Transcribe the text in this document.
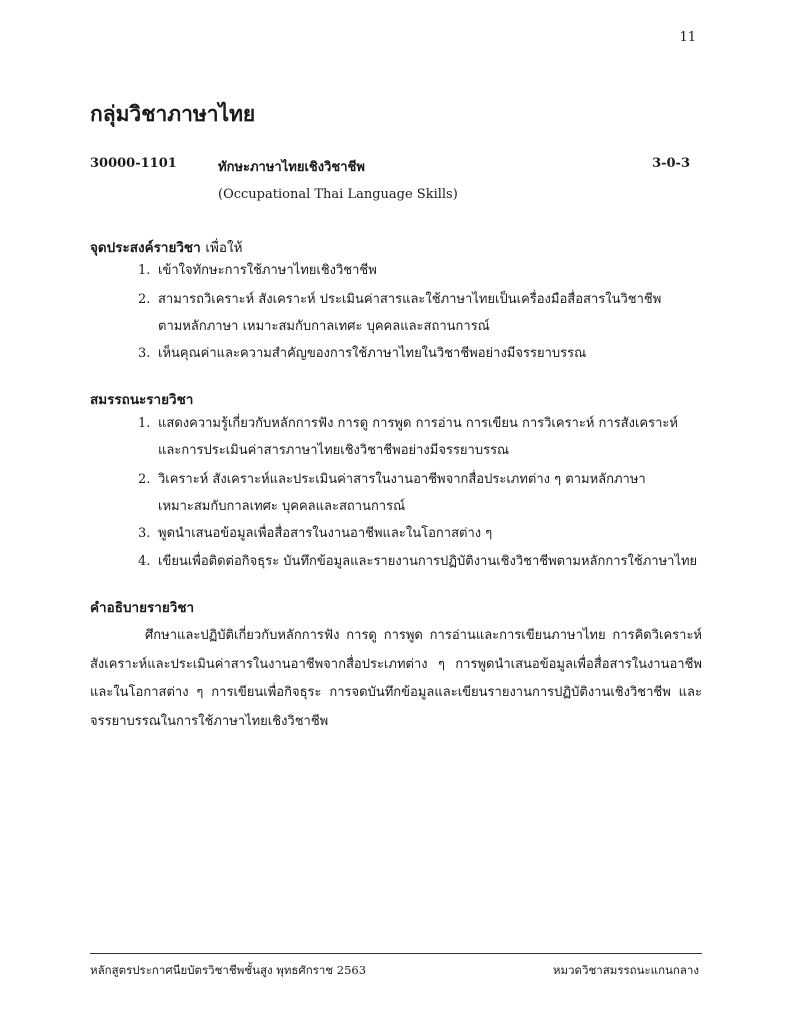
11
กลุ่มวิชาภาษาไทย
30000-1101	ทักษะภาษาไทยเชิงวิชาชีพ	3-0-3
(Occupational Thai Language Skills)
จุดประสงค์รายวิชา เพื่อให้
1. เข้าใจทักษะการใช้ภาษาไทยเชิงวิชาชีพ
2. สามารถวิเคราะห์ สังเคราะห์ ประเมินค่าสารและใช้ภาษาไทยเป็นเครื่องมือสื่อสารในวิชาชีพ
ตามหลักภาษา เหมาะสมกับกาลเทศะ บุคคลและสถานการณ์
3. เห็นคุณค่าและความสำคัญของการใช้ภาษาไทยในวิชาชีพอย่างมีจรรยาบรรณ
สมรรถนะรายวิชา
1. แสดงความรู้เกี่ยวกับหลักการฟัง การดู การพูด การอ่าน การเขียน การวิเคราะห์ การสังเคราะห์
และการประเมินค่าสารภาษาไทยเชิงวิชาชีพอย่างมีจรรยาบรรณ
2. วิเคราะห์ สังเคราะห์และประเมินค่าสารในงานอาชีพจากสื่อประเภทต่าง ๆ ตามหลักภาษา
เหมาะสมกับกาลเทศะ บุคคลและสถานการณ์
3. พูดนำเสนอข้อมูลเพื่อสื่อสารในงานอาชีพและในโอกาสต่าง ๆ
4. เขียนเพื่อติดต่อกิจธุระ บันทึกข้อมูลและรายงานการปฏิบัติงานเชิงวิชาชีพตามหลักการใช้ภาษาไทย
คำอธิบายรายวิชา
ศึกษาและปฏิบัติเกี่ยวกับหลักการฟัง การดู การพูด การอ่านและการเขียนภาษาไทย การคิดวิเคราะห์ สังเคราะห์และประเมินค่าสารในงานอาชีพจากสื่อประเภทต่าง ๆ การพูดนำเสนอข้อมูลเพื่อสื่อสารในงานอาชีพ และในโอกาสต่าง ๆ การเขียนเพื่อกิจธุระ การจดบันทึกข้อมูลและเขียนรายงานการปฏิบัติงานเชิงวิชาชีพ และจรรยาบรรณในการใช้ภาษาไทยเชิงวิชาชีพ
หลักสูตรประกาศนียบัตรวิชาชีพชั้นสูง พุทธศักราช 2563	หมวดวิชาสมรรถนะแกนกลาง
